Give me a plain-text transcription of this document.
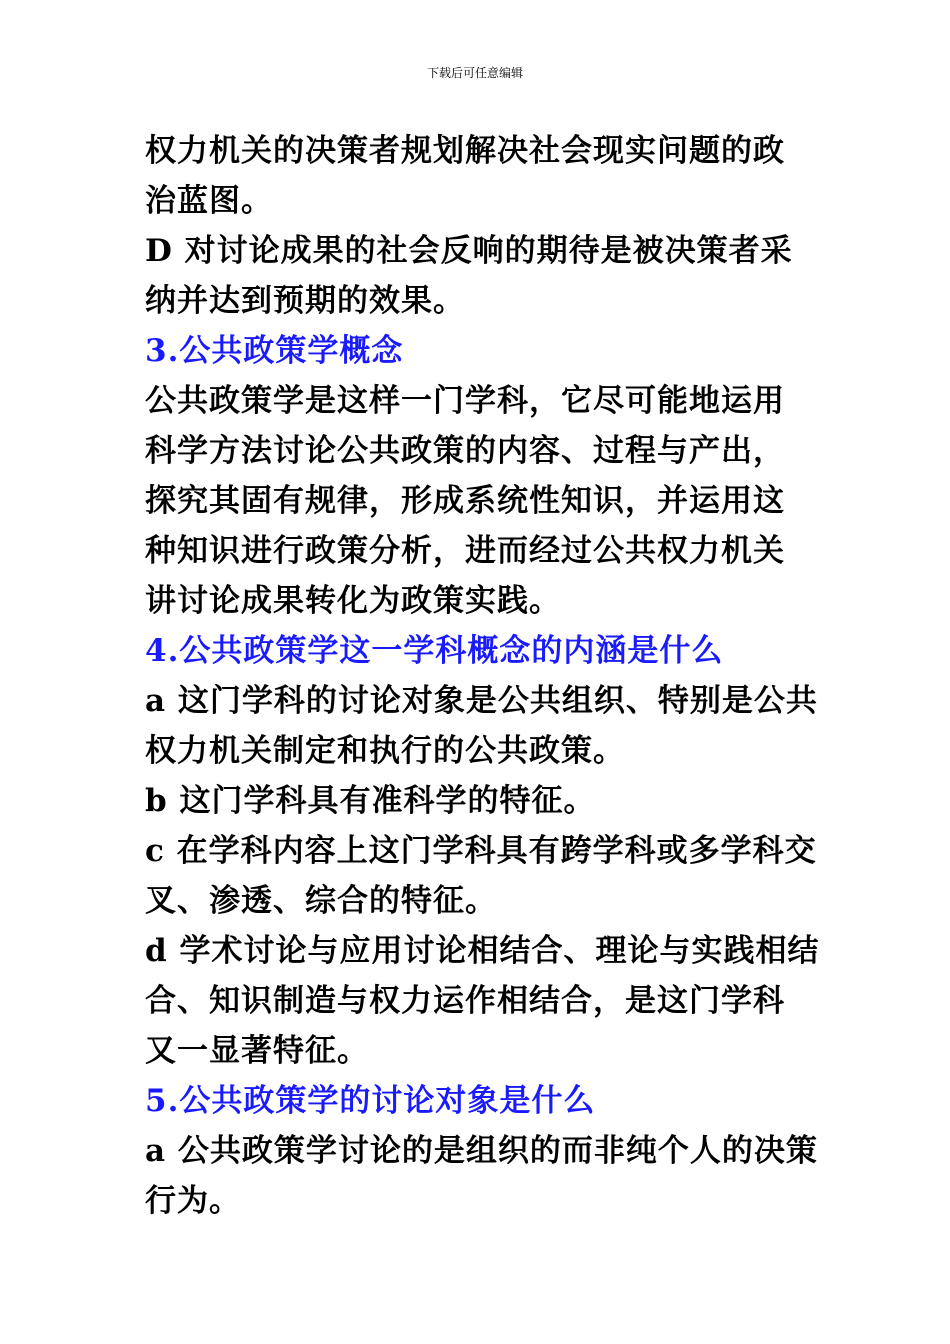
下载后可任意编辑
权力机关的决策者规划解决社会现实问题的政
治蓝图。
D 对讨论成果的社会反响的期待是被决策者采
纳并达到预期的效果。
3.公共政策学概念
公共政策学是这样一门学科，它尽可能地运用
科学方法讨论公共政策的内容、过程与产出，
探究其固有规律，形成系统性知识，并运用这
种知识进行政策分析，进而经过公共权力机关
讲讨论成果转化为政策实践。
4.公共政策学这一学科概念的内涵是什么
a 这门学科的讨论对象是公共组织、特别是公共
权力机关制定和执行的公共政策。
b 这门学科具有准科学的特征。
c 在学科内容上这门学科具有跨学科或多学科交
叉、渗透、综合的特征。
d 学术讨论与应用讨论相结合、理论与实践相结
合、知识制造与权力运作相结合，是这门学科
又一显著特征。
5.公共政策学的讨论对象是什么
a 公共政策学讨论的是组织的而非纯个人的决策
行为。
